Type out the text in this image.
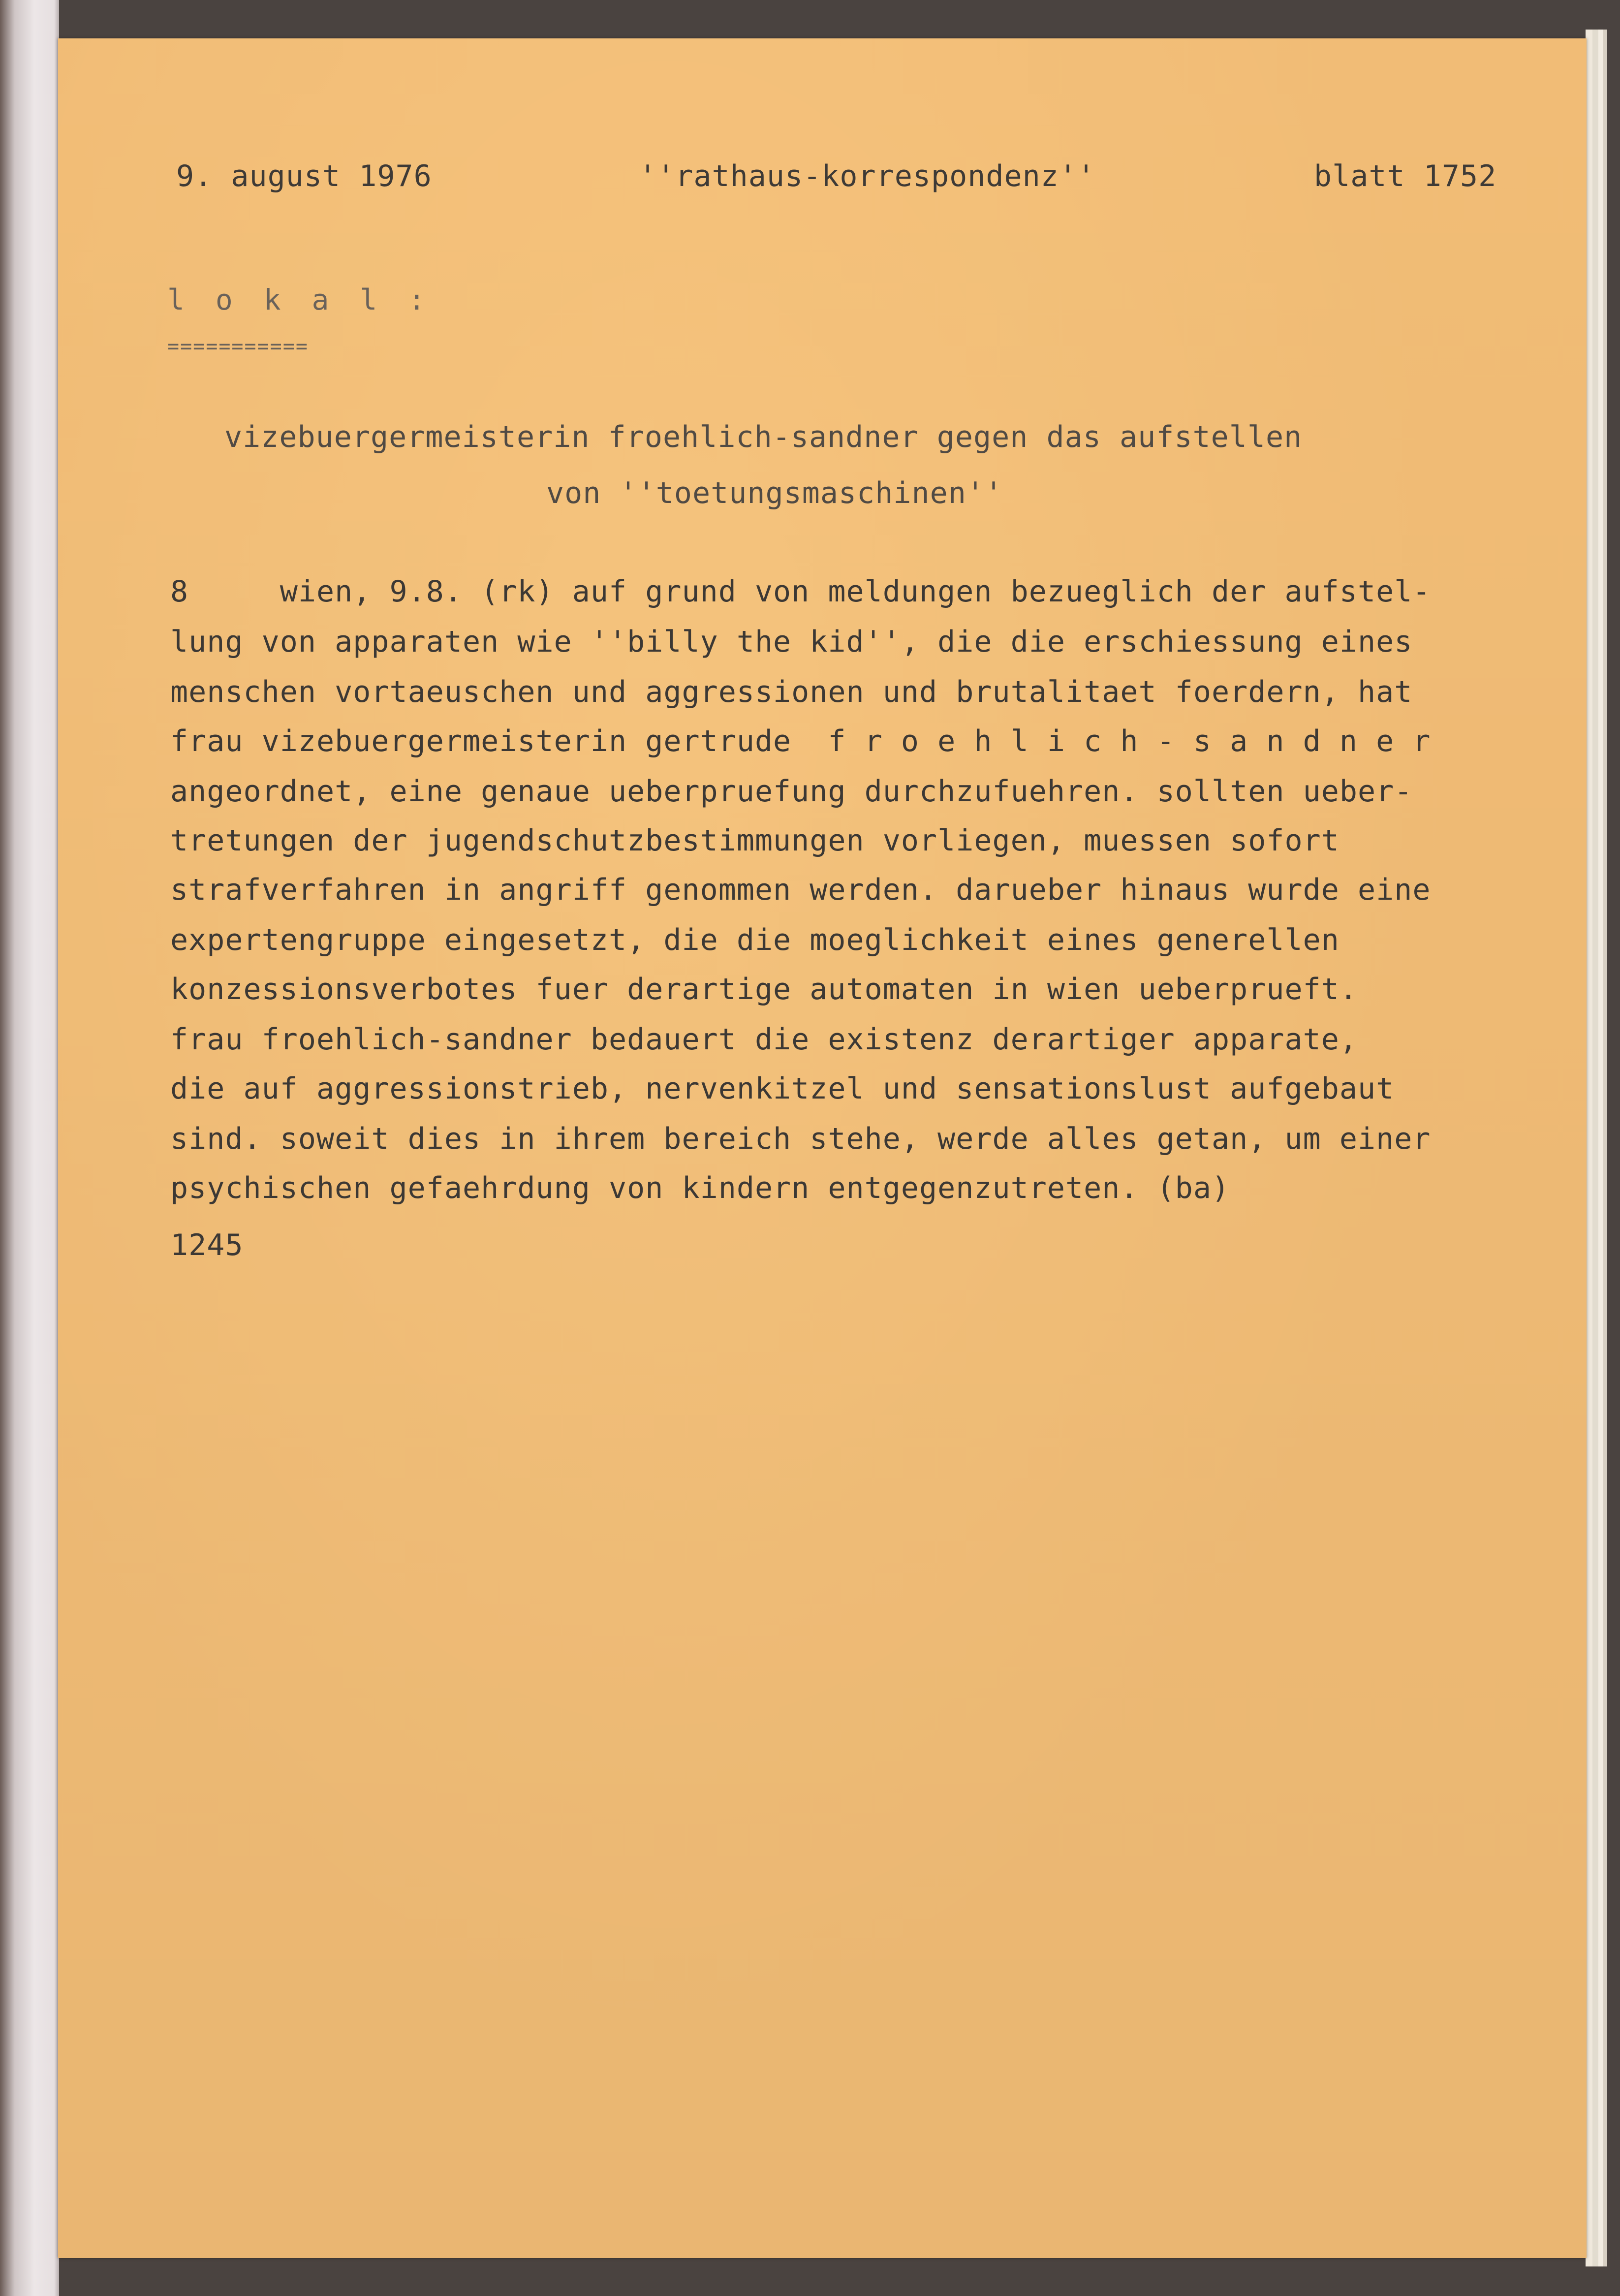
9. august 1976	''rathaus-korrespondenz''	blatt 1752

l o k a l :

===========

vizebuergermeisterin froehlich-sandner gegen das aufstellen

von ''toetungsmaschinen''

8     wien, 9.8. (rk) auf grund von meldungen bezueglich der aufstel-

lung von apparaten wie ''billy the kid'', die die erschiessung eines

menschen vortaeuschen und aggressionen und brutalitaet foerdern, hat

frau vizebuergermeisterin gertrude  f r o e h l i c h - s a n d n e r

angeordnet, eine genaue ueberpruefung durchzufuehren. sollten ueber-

tretungen der jugendschutzbestimmungen vorliegen, muessen sofort

strafverfahren in angriff genommen werden. darueber hinaus wurde eine

expertengruppe eingesetzt, die die moeglichkeit eines generellen

konzessionsverbotes fuer derartige automaten in wien ueberprueft.

frau froehlich-sandner bedauert die existenz derartiger apparate,

die auf aggressionstrieb, nervenkitzel und sensationslust aufgebaut

sind. soweit dies in ihrem bereich stehe, werde alles getan, um einer

psychischen gefaehrdung von kindern entgegenzutreten. (ba)

1245
